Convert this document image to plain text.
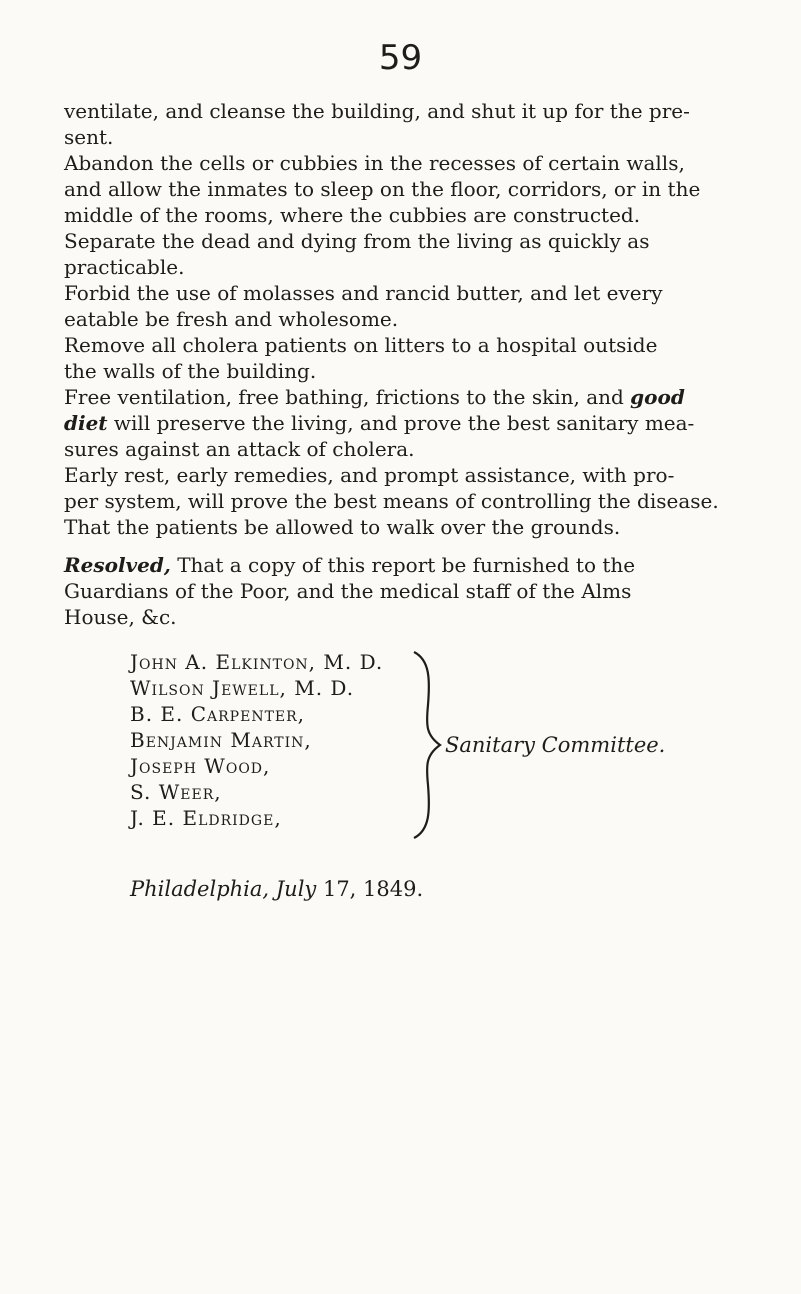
59

ventilate, and cleanse the building, and shut it up for the pre-
sent.

Abandon the cells or cubbies in the recesses of certain walls,
and allow the inmates to sleep on the floor, corridors, or in the
middle of the rooms, where the cubbies are constructed.

Separate the dead and dying from the living as quickly as
practicable.

Forbid the use of molasses and rancid butter, and let every
eatable be fresh and wholesome.

Remove all cholera patients on litters to a hospital outside
the walls of the building.

Free ventilation, free bathing, frictions to the skin, and good
diet will preserve the living, and prove the best sanitary mea-
sures against an attack of cholera.

Early rest, early remedies, and prompt assistance, with pro-
per system, will prove the best means of controlling the disease.

That the patients be allowed to walk over the grounds.

Resolved, That a copy of this report be furnished to the
Guardians of the Poor, and the medical staff of the Alms
House, &c.

John A. Elkinton, M. D.
Wilson Jewell, M. D.
B. E. Carpenter,
Benjamin Martin,
Joseph Wood,
S. Weer,
J. E. Eldridge,
Sanitary Committee.
Philadelphia, July 17, 1849.
